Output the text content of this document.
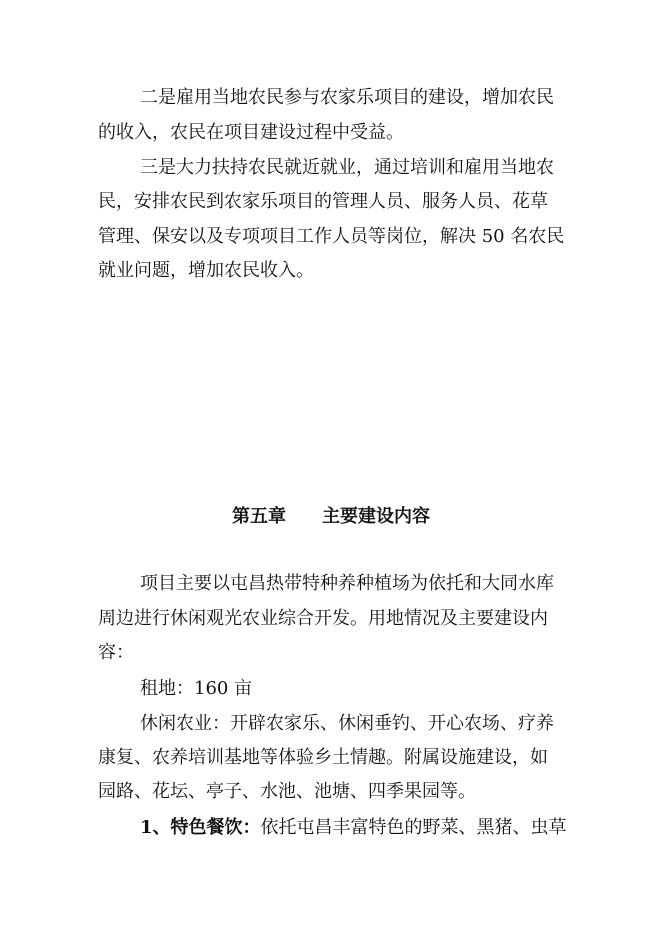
二是雇用当地农民参与农家乐项目的建设，增加农民
的收入，农民在项目建设过程中受益。
三是大力扶持农民就近就业，通过培训和雇用当地农
民，安排农民到农家乐项目的管理人员、服务人员、花草
管理、保安以及专项项目工作人员等岗位，解决 50 名农民
就业问题，增加农民收入。
第五章 主要建设内容
项目主要以屯昌热带特种养种植场为依托和大同水库
周边进行休闲观光农业综合开发。用地情况及主要建设内
容：
租地：160 亩
休闲农业：开辟农家乐、休闲垂钓、开心农场、疗养
康复、农养培训基地等体验乡土情趣。附属设施建设，如
园路、花坛、亭子、水池、池塘、四季果园等。
1、特色餐饮：依托屯昌丰富特色的野菜、黑猪、虫草
